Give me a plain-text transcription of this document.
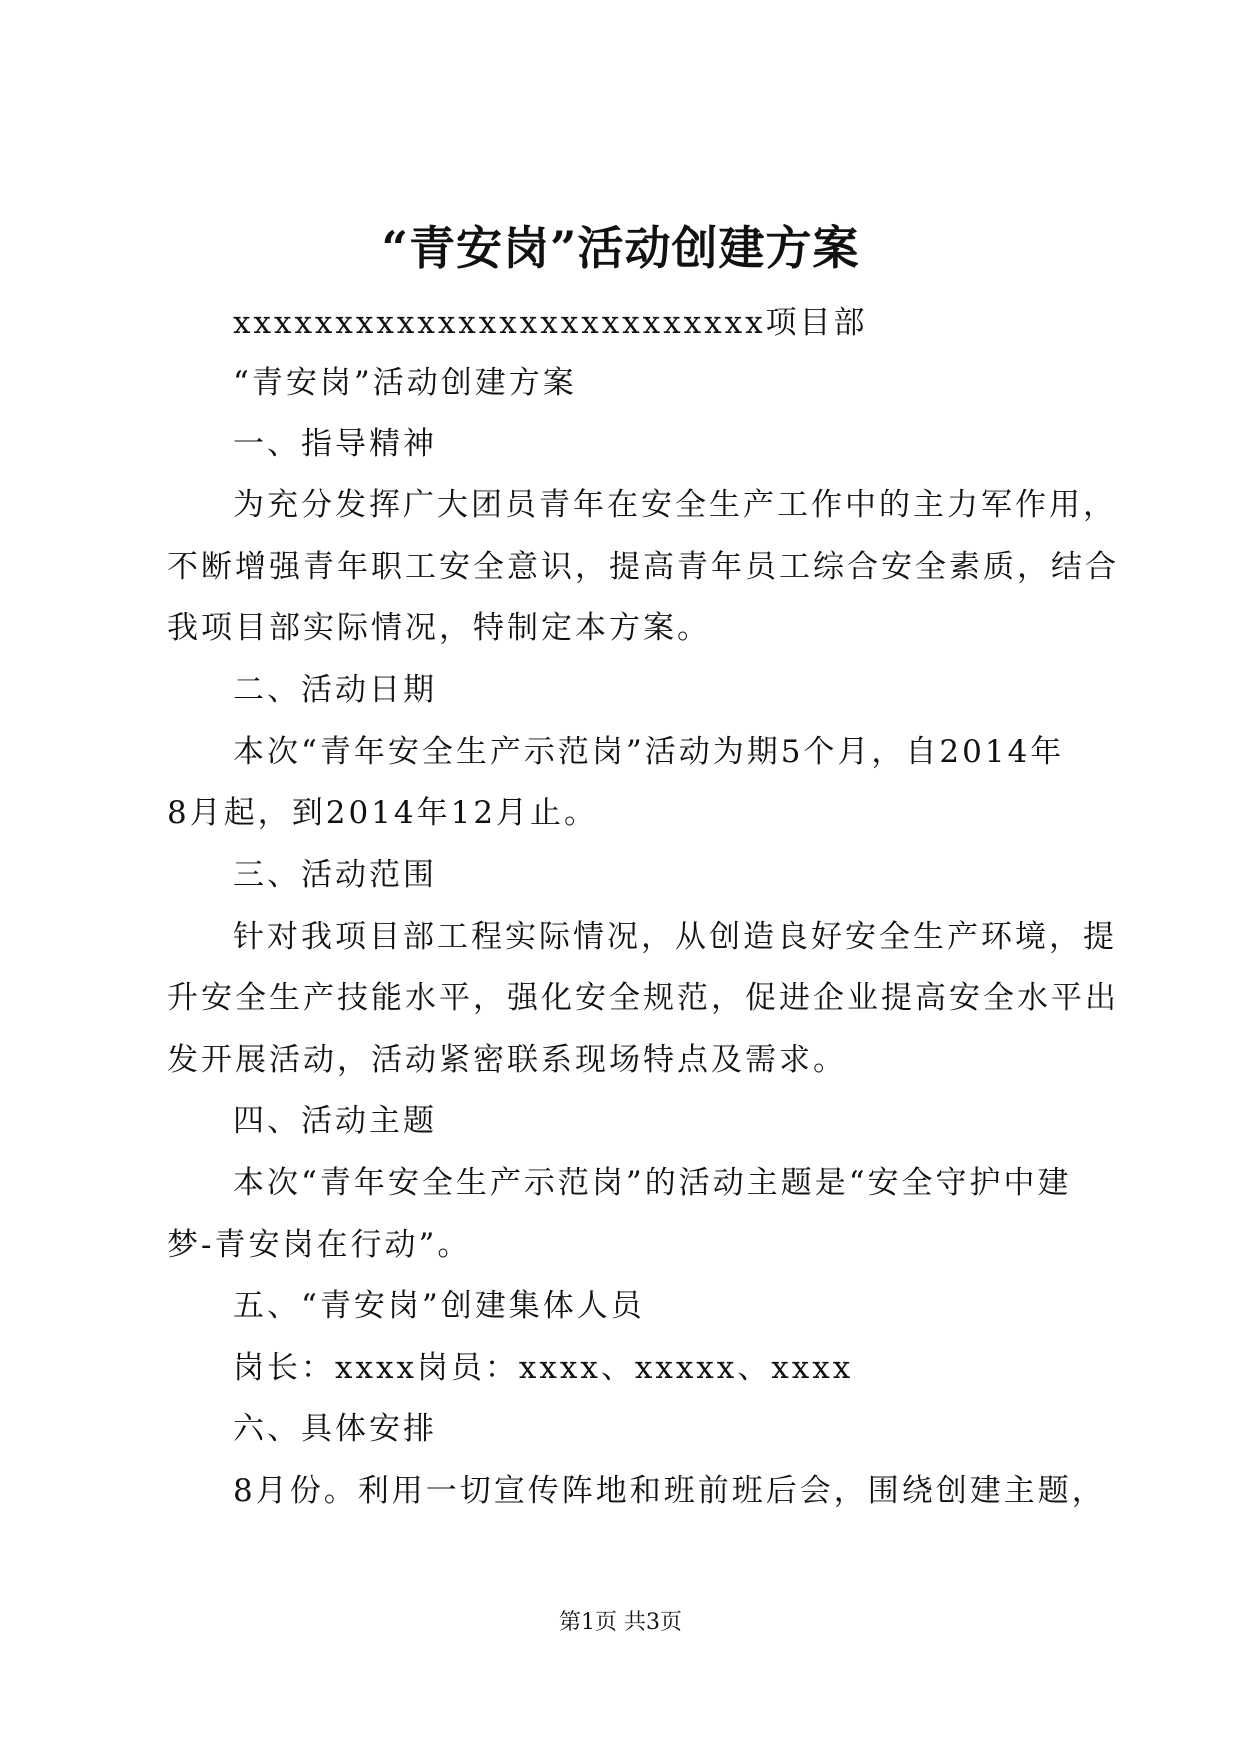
“青安岗”活动创建方案
xxxxxxxxxxxxxxxxxxxxxxxxxx项目部
“青安岗”活动创建方案
一、指导精神
为充分发挥广大团员青年在安全生产工作中的主力军作用，
不断增强青年职工安全意识，提高青年员工综合安全素质，结合
我项目部实际情况，特制定本方案。
二、活动日期
本次“青年安全生产示范岗”活动为期5个月，自2014年
8月起，到2014年12月止。
三、活动范围
针对我项目部工程实际情况，从创造良好安全生产环境，提
升安全生产技能水平，强化安全规范，促进企业提高安全水平出
发开展活动，活动紧密联系现场特点及需求。
四、活动主题
本次“青年安全生产示范岗”的活动主题是“安全守护中建
梦-青安岗在行动”。
五、“青安岗”创建集体人员
岗长：xxxx岗员：xxxx、xxxxx、xxxx
六、具体安排
8月份。利用一切宣传阵地和班前班后会，围绕创建主题，
第1页 共3页
